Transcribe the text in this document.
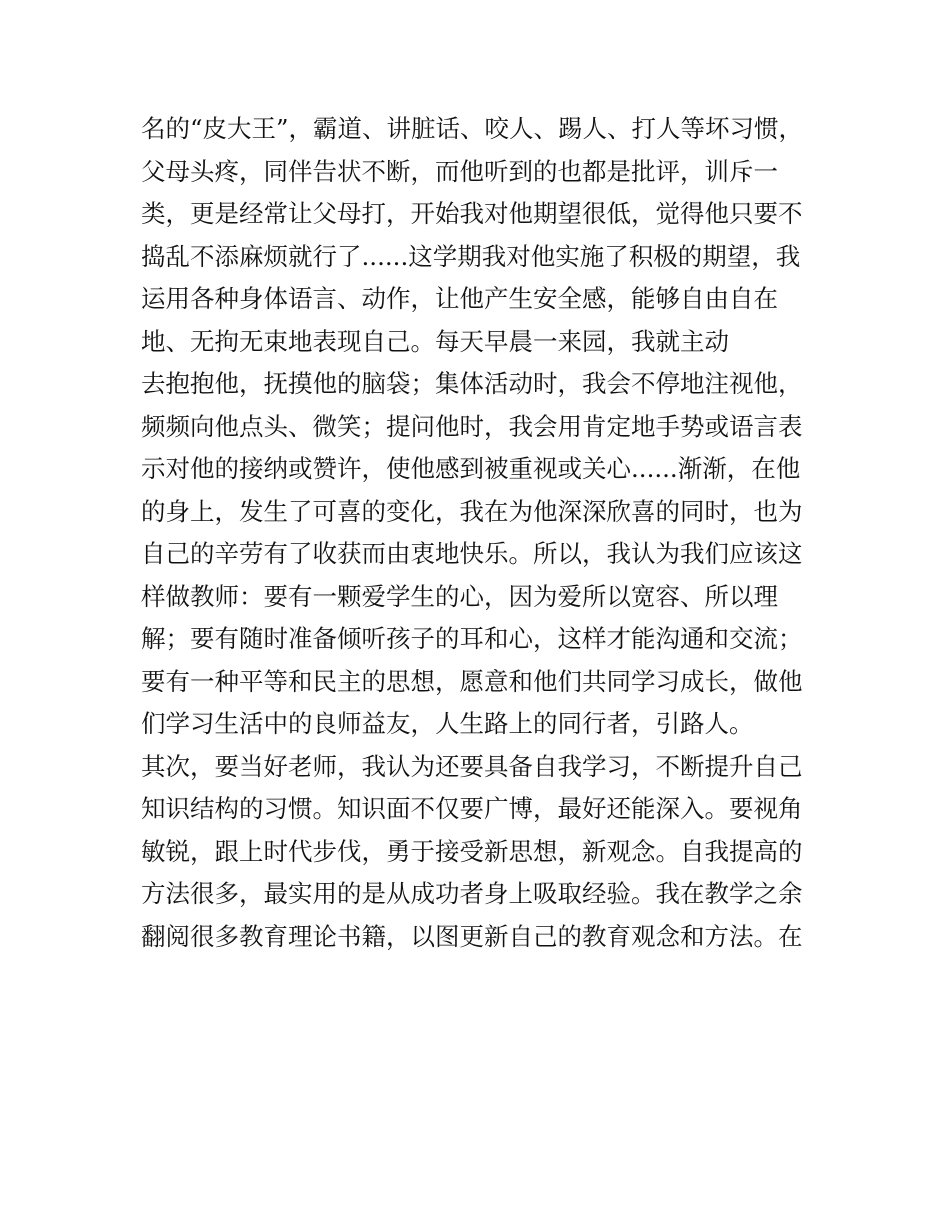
名的“皮大王”，霸道、讲脏话、咬人、踢人、打人等坏习惯，
父母头疼，同伴告状不断，而他听到的也都是批评，训斥一
类，更是经常让父母打，开始我对他期望很低，觉得他只要不
捣乱不添麻烦就行了......这学期我对他实施了积极的期望，我
运用各种身体语言、动作，让他产生安全感，能够自由自在
地、无拘无束地表现自己。每天早晨一来园，我就主动
去抱抱他，抚摸他的脑袋；集体活动时，我会不停地注视他，
频频向他点头、微笑；提问他时，我会用肯定地手势或语言表
示对他的接纳或赞许，使他感到被重视或关心......渐渐，在他
的身上，发生了可喜的变化，我在为他深深欣喜的同时，也为
自己的辛劳有了收获而由衷地快乐。所以，我认为我们应该这
样做教师：要有一颗爱学生的心，因为爱所以宽容、所以理
解；要有随时准备倾听孩子的耳和心，这样才能沟通和交流；
要有一种平等和民主的思想，愿意和他们共同学习成长，做他
们学习生活中的良师益友，人生路上的同行者，引路人。
其次，要当好老师，我认为还要具备自我学习，不断提升自己
知识结构的习惯。知识面不仅要广博，最好还能深入。要视角
敏锐，跟上时代步伐，勇于接受新思想，新观念。自我提高的
方法很多，最实用的是从成功者身上吸取经验。我在教学之余
翻阅很多教育理论书籍，以图更新自己的教育观念和方法。在
